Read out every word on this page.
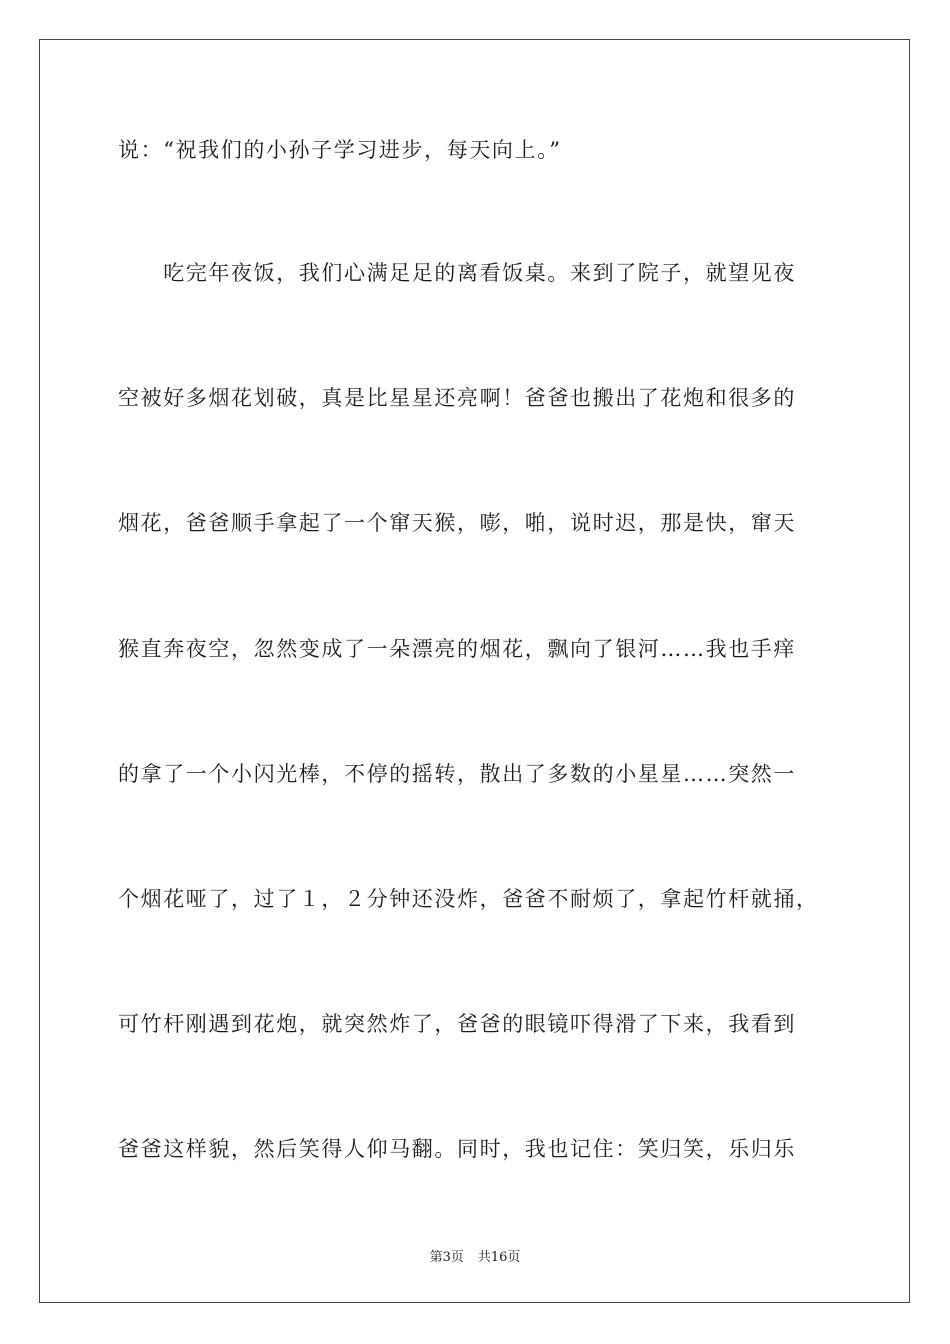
说：“祝我们的小孙子学习进步，每天向上。”
　　吃完年夜饭，我们心满足足的离看饭桌。来到了院子，就望见夜
空被好多烟花划破，真是比星星还亮啊！爸爸也搬出了花炮和很多的
烟花，爸爸顺手拿起了一个窜天猴，嘭，啪，说时迟，那是快，窜天
猴直奔夜空，忽然变成了一朵漂亮的烟花，飘向了银河……我也手痒
的拿了一个小闪光棒，不停的摇转，散出了多数的小星星……突然一
个烟花哑了，过了１，２分钟还没炸，爸爸不耐烦了，拿起竹杆就捅，
可竹杆刚遇到花炮，就突然炸了，爸爸的眼镜吓得滑了下来，我看到
爸爸这样貌，然后笑得人仰马翻。同时，我也记住：笑归笑，乐归乐
第3页 共16页
